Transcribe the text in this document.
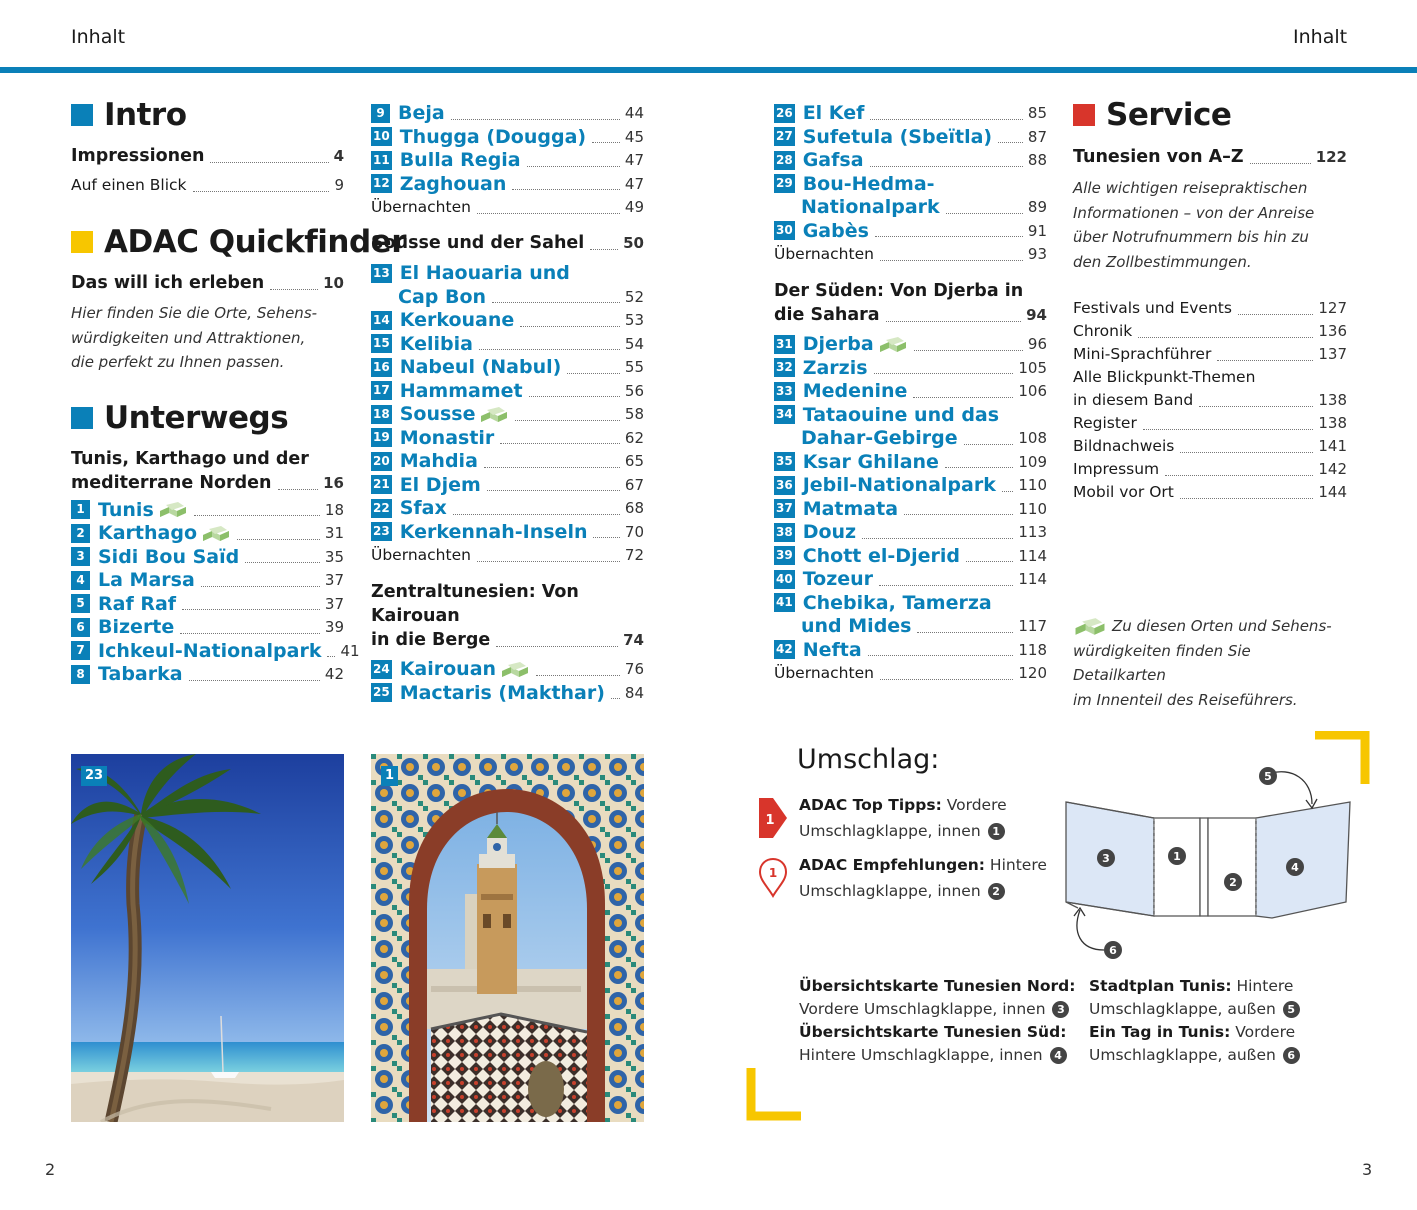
Inhalt	Inhalt
Intro
Impressionen	4
Auf einen Blick	9
ADAC Quickfinder
Das will ich erleben	10
Hier finden Sie die Orte, Sehens-
würdigkeiten und Attraktionen,
die perfekt zu Ihnen passen.
Unterwegs
Tunis, Karthago und der
mediterrane Norden	16
1 Tunis	18
2 Karthago	31
3 Sidi Bou Saïd	35
4 La Marsa	37
5 Raf Raf	37
6 Bizerte	39
7 Ichkeul-Nationalpark 41
8 Tabarka	42
9 Beja	44
10 Thugga (Dougga)	45
11 Bulla Regia	47
12 Zaghouan	47
Übernachten	49
Sousse und der Sahel	50
13 El Haouaria und
Cap Bon	52
14 Kerkouane	53
15 Kelibia	54
16 Nabeul (Nabul)	55
17 Hammamet	56
18 Sousse	58
19 Monastir	62
20 Mahdia	65
21 El Djem	67
22 Sfax	68
23 Kerkennah-Inseln 70
Übernachten	72
Zentraltunesien: Von Kairouan
in die Berge	74
24 Kairouan	76
25 Mactaris (Makthar) 84
26 El Kef	85
27 Sufetula (Sbeïtla) 87
28 Gafsa	88
29 Bou-Hedma-
Nationalpark	89
30 Gabès	91
Übernachten	93
Der Süden: Von Djerba in
die Sahara	94
31 Djerba	96
32 Zarzis	105
33 Medenine	106
34 Tataouine und das
Dahar-Gebirge	108
35 Ksar Ghilane	109
36 Jebil-Nationalpark 110
37 Matmata	110
38 Douz	113
39 Chott el-Djerid	114
40 Tozeur	114
41 Chebika, Tamerza
und Mides	117
42 Nefta	118
Übernachten	120
Service
Tunesien von A–Z	122
Alle wichtigen reisepraktischen
Informationen – von der Anreise
über Notrufnummern bis hin zu
den Zollbestimmungen.
Festivals und Events	127
Chronik	136
Mini-Sprachführer	137
Alle Blickpunkt-Themen
in diesem Band	138
Register	138
Bildnachweis	141
Impressum	142
Mobil vor Ort	144
Zu diesen Orten und Sehens-
würdigkeiten finden Sie Detailkarten
im Innenteil des Reiseführers.
23	1
Umschlag:
1
ADAC Top Tipps: Vordere
Umschlagklappe, innen 1
1 ADAC Empfehlungen: Hintere
Umschlagklappe, innen 2
3	1
2
4
5
6
Übersichtskarte Tunesien Nord:
Vordere Umschlagklappe, innen 3
Übersichtskarte Tunesien Süd:
Hintere Umschlagklappe, innen 4
Stadtplan Tunis: Hintere
Umschlagklappe, außen 5
Ein Tag in Tunis: Vordere
Umschlagklappe, außen 6
2	3
